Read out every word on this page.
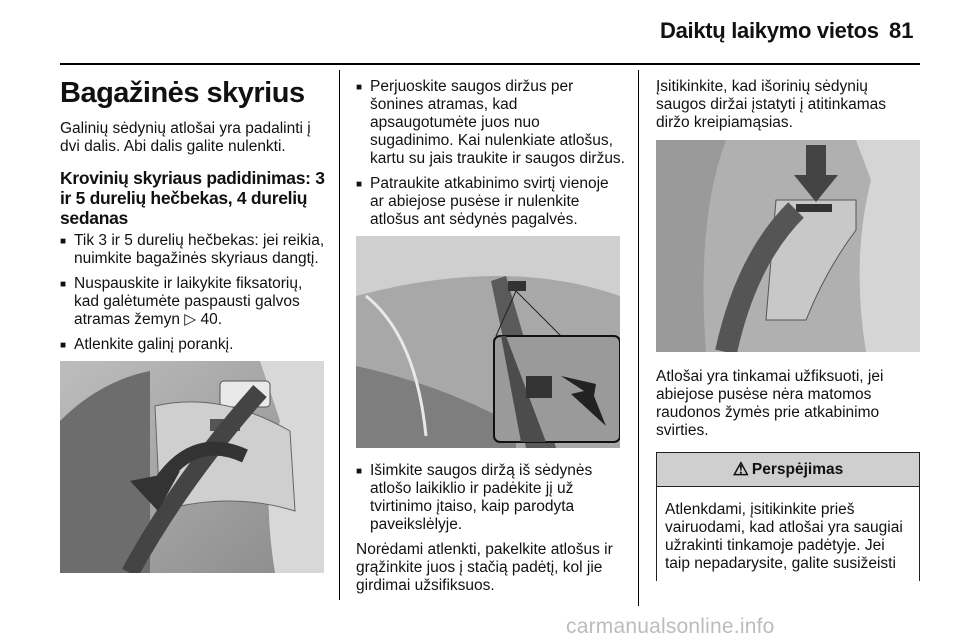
Daiktų laikymo vietos 81
Bagažinės skyrius

Galinių sėdynių atlošai yra padalinti į dvi dalis. Abi dalis galite nulenkti.

Krovinių skyriaus padidinimas: 3 ir 5 durelių hečbekas, 4 durelių sedanas
■ Tik 3 ir 5 durelių hečbekas: jei reikia, nuimkite bagažinės skyriaus dangtį.
■ Nuspauskite ir laikykite fiksatorių, kad galėtumėte paspausti galvos atramas žemyn ▷ 40.
■ Atlenkite galinį porankį.
■ Perjuoskite saugos diržus per šonines atramas, kad apsaugotumėte juos nuo sugadinimo. Kai nulenkiate atlošus, kartu su jais traukite ir saugos diržus.
■ Patraukite atkabinimo svirtį vienoje ar abiejose pusėse ir nulenkite atlošus ant sėdynės pagalvės.
■ Išimkite saugos diržą iš sėdynės atlošo laikiklio ir padėkite jį už tvirtinimo įtaiso, kaip parodyta paveikslėlyje.

Norėdami atlenkti, pakelkite atlošus ir grąžinkite juos į stačią padėtį, kol jie girdimai užsifiksuos.

Įsitikinkite, kad išorinių sėdynių saugos diržai įstatyti į atitinkamas diržo kreipiamąsias.

Atlošai yra tinkamai užfiksuoti, jei abiejose pusėse nėra matomos raudonos žymės prie atkabinimo svirties.

⚠ Perspėjimas
Atlenkdami, įsitikinkite prieš vairuodami, kad atlošai yra saugiai užrakinti tinkamoje padėtyje. Jei taip nepadarysite, galite susižeisti
carmanualsonline.info
